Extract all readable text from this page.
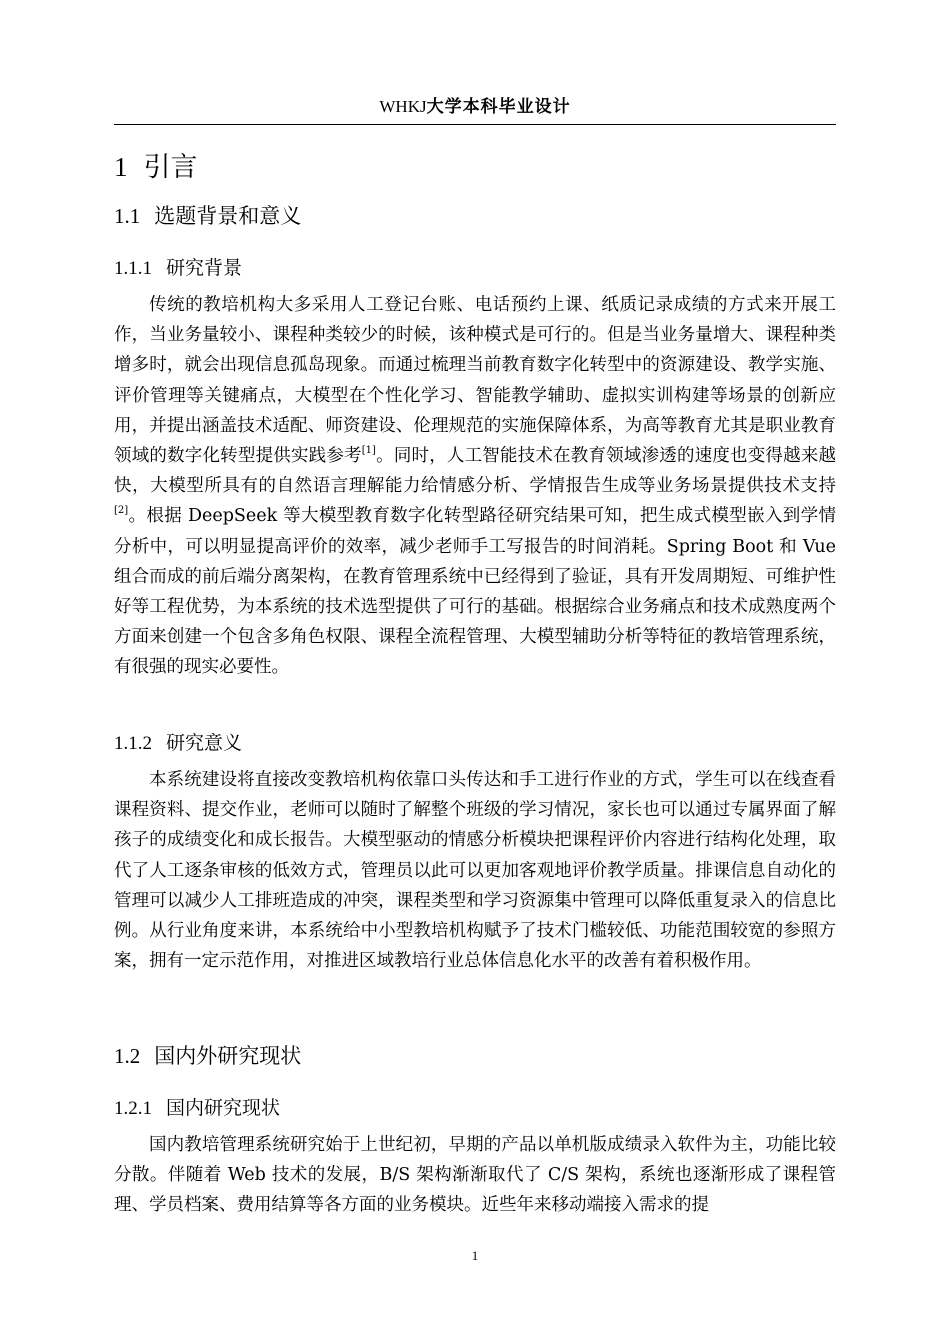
WHKJ大学本科毕业设计
1 引言
1.1 选题背景和意义
1.1.1 研究背景
传统的教培机构大多采用人工登记台账、电话预约上课、纸质记录成绩的方式来开展工作，当业务量较小、课程种类较少的时候，该种模式是可行的。但是当业务量增大、课程种类增多时，就会出现信息孤岛现象。而通过梳理当前教育数字化转型中的资源建设、教学实施、评价管理等关键痛点，大模型在个性化学习、智能教学辅助、虚拟实训构建等场景的创新应用，并提出涵盖技术适配、师资建设、伦理规范的实施保障体系，为高等教育尤其是职业教育领域的数字化转型提供实践参考[1]。同时，人工智能技术在教育领域渗透的速度也变得越来越快，大模型所具有的自然语言理解能力给情感分析、学情报告生成等业务场景提供技术支持[2]。根据 DeepSeek 等大模型教育数字化转型路径研究结果可知，把生成式模型嵌入到学情分析中，可以明显提高评价的效率，减少老师手工写报告的时间消耗。Spring Boot 和 Vue 组合而成的前后端分离架构，在教育管理系统中已经得到了验证，具有开发周期短、可维护性好等工程优势，为本系统的技术选型提供了可行的基础。根据综合业务痛点和技术成熟度两个方面来创建一个包含多角色权限、课程全流程管理、大模型辅助分析等特征的教培管理系统，有很强的现实必要性。
1.1.2 研究意义
本系统建设将直接改变教培机构依靠口头传达和手工进行作业的方式，学生可以在线查看课程资料、提交作业，老师可以随时了解整个班级的学习情况，家长也可以通过专属界面了解孩子的成绩变化和成长报告。大模型驱动的情感分析模块把课程评价内容进行结构化处理，取代了人工逐条审核的低效方式，管理员以此可以更加客观地评价教学质量。排课信息自动化的管理可以减少人工排班造成的冲突，课程类型和学习资源集中管理可以降低重复录入的信息比例。从行业角度来讲，本系统给中小型教培机构赋予了技术门槛较低、功能范围较宽的参照方案，拥有一定示范作用，对推进区域教培行业总体信息化水平的改善有着积极作用。
1.2 国内外研究现状
1.2.1 国内研究现状
国内教培管理系统研究始于上世纪初，早期的产品以单机版成绩录入软件为主，功能比较分散。伴随着 Web 技术的发展，B/S 架构渐渐取代了 C/S 架构，系统也逐渐形成了课程管理、学员档案、费用结算等各方面的业务模块。近些年来移动端接入需求的提
1
